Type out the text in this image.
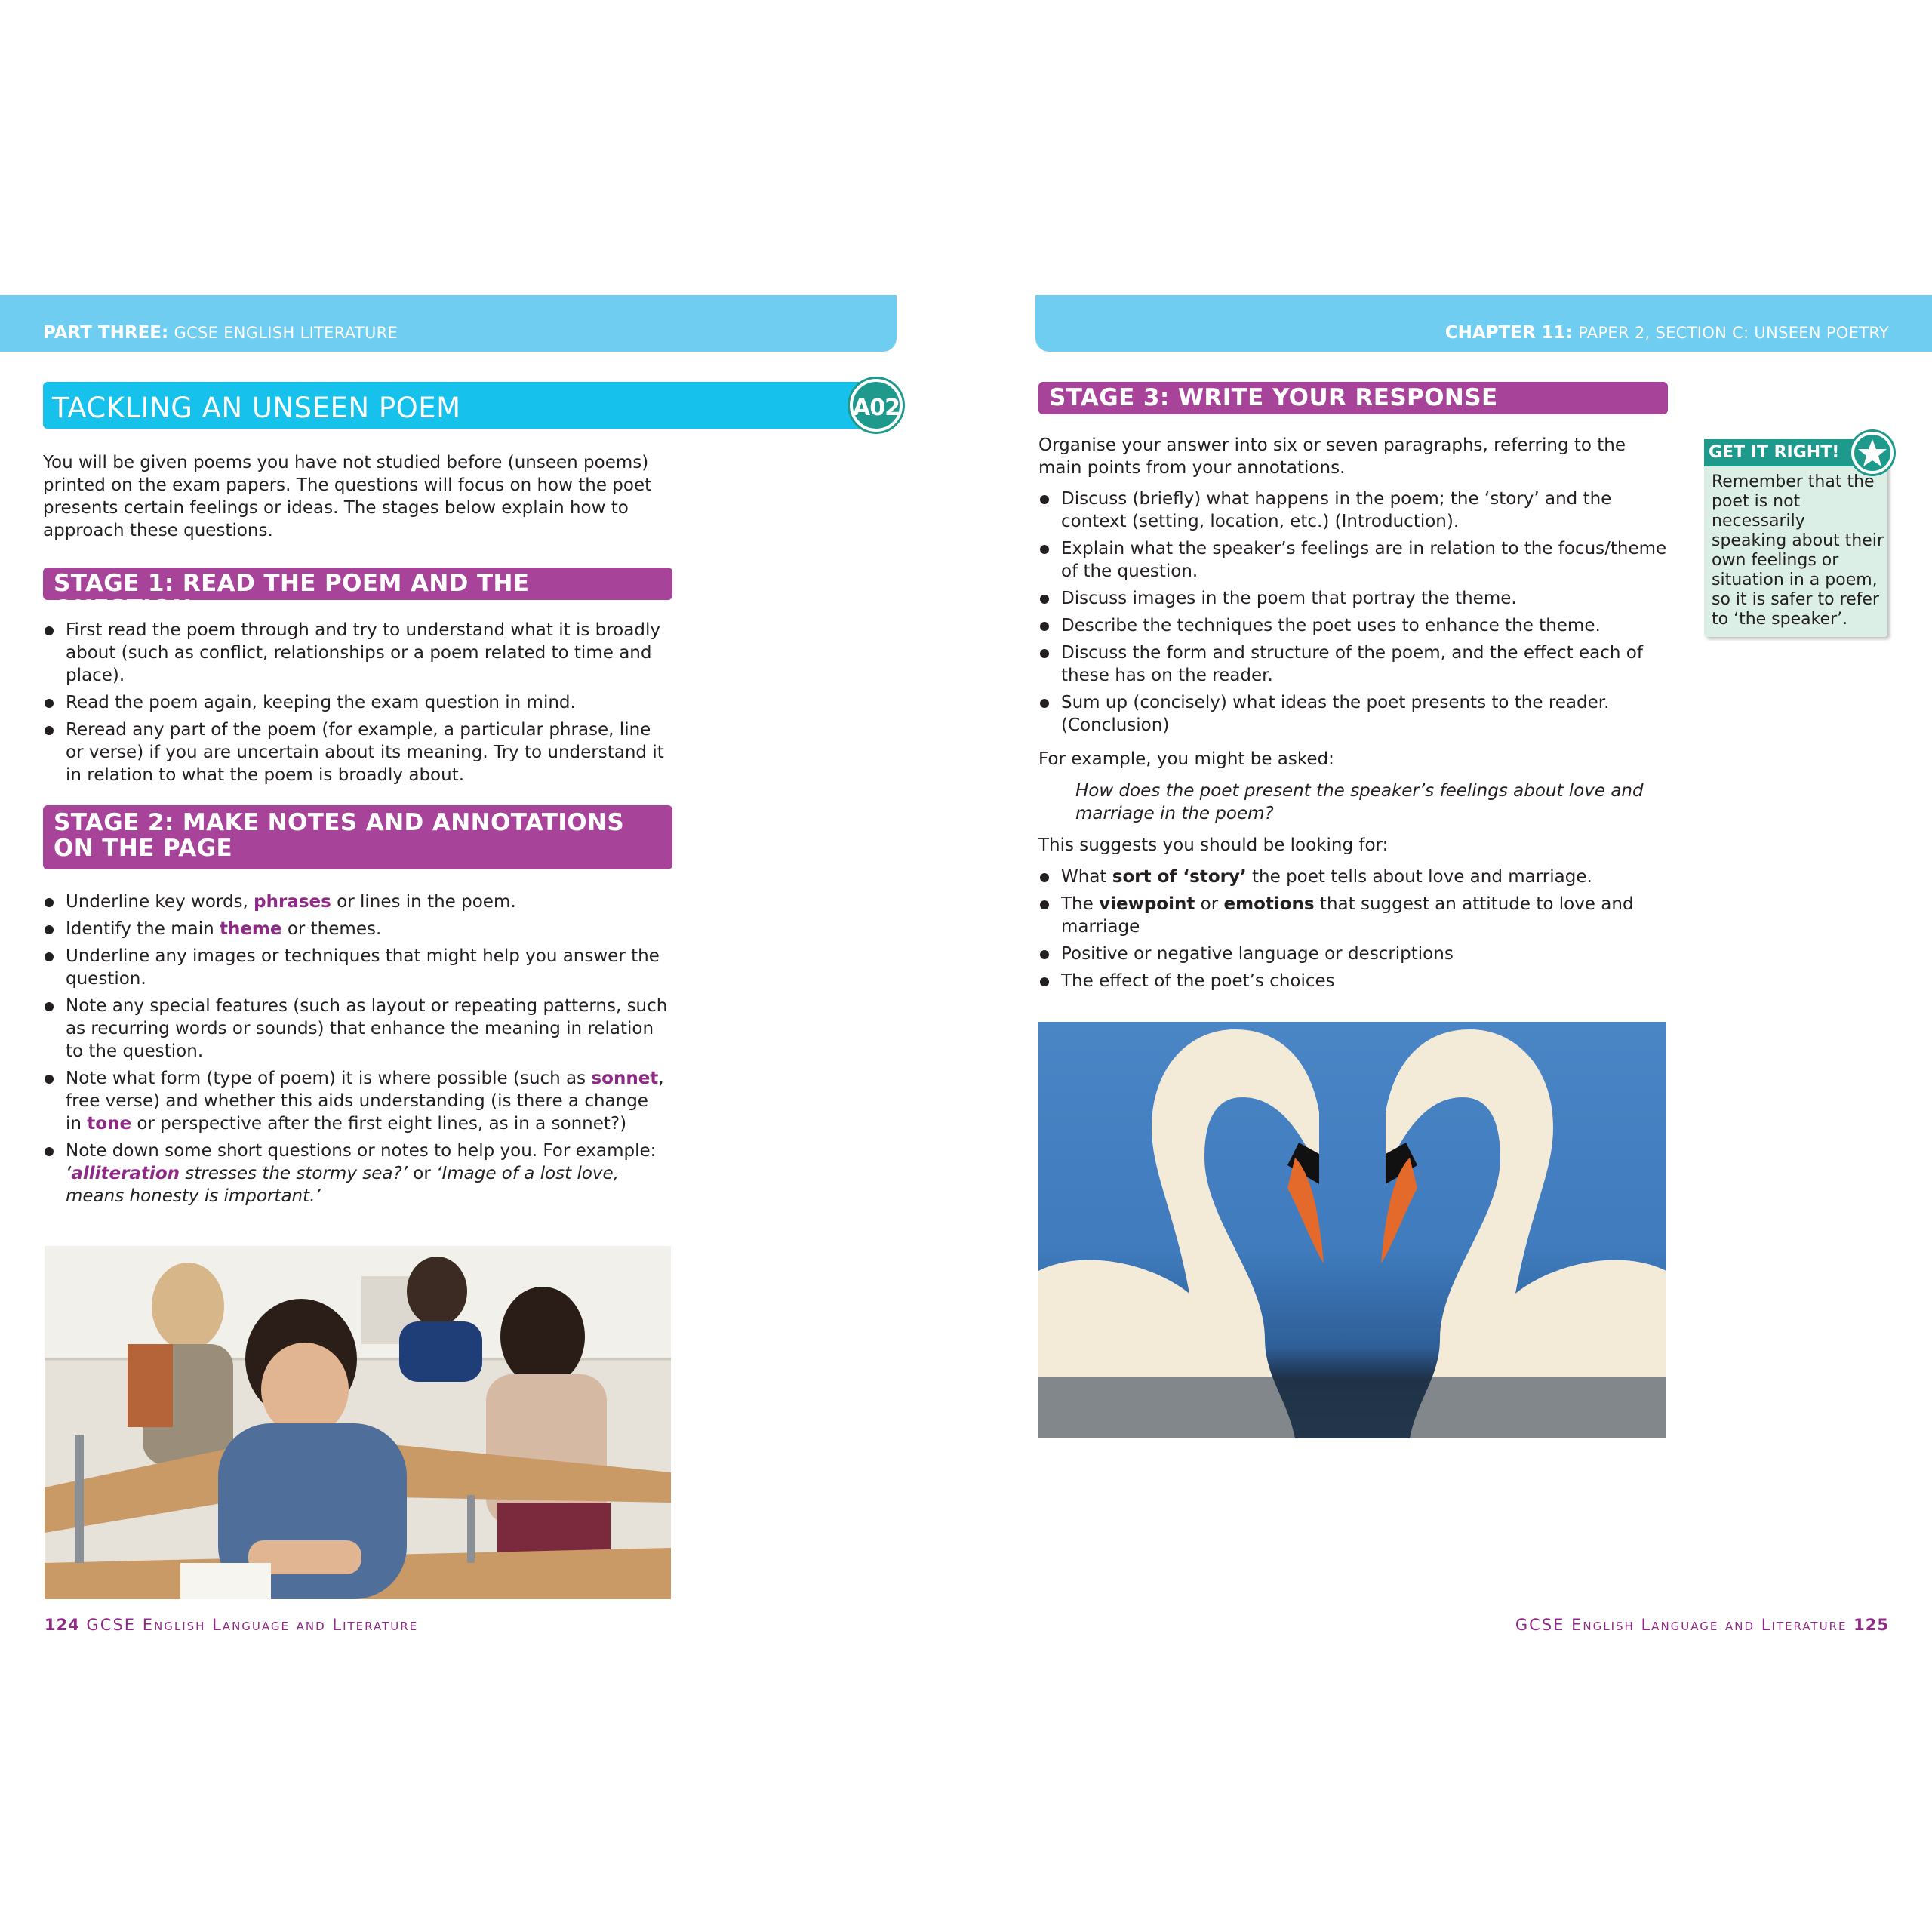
PART THREE: GCSE ENGLISH LITERATURE
TACKLING AN UNSEEN POEM	A02
You will be given poems you have not studied before (unseen poems) printed on the exam papers. The questions will focus on how the poet presents certain feelings or ideas. The stages below explain how to approach these questions.
STAGE 1: READ THE POEM AND THE QUESTION
First read the poem through and try to understand what it is broadly about (such as conflict, relationships or a poem related to time and place).
Read the poem again, keeping the exam question in mind.
Reread any part of the poem (for example, a particular phrase, line or verse) if you are uncertain about its meaning. Try to understand it in relation to what the poem is broadly about.
STAGE 2: MAKE NOTES AND ANNOTATIONS ON THE PAGE
Underline key words, phrases or lines in the poem.
Identify the main theme or themes.
Underline any images or techniques that might help you answer the question.
Note any special features (such as layout or repeating patterns, such as recurring words or sounds) that enhance the meaning in relation to the question.
Note what form (type of poem) it is where possible (such as sonnet, free verse) and whether this aids understanding (is there a change in tone or perspective after the first eight lines, as in a sonnet?)
Note down some short questions or notes to help you. For example: ‘alliteration stresses the stormy sea?’ or ‘Image of a lost love, means honesty is important.’
124 GCSE English Language and Literature
CHAPTER 11: PAPER 2, SECTION C: UNSEEN POETRY
STAGE 3: WRITE YOUR RESPONSE
Organise your answer into six or seven paragraphs, referring to the main points from your annotations.
Discuss (briefly) what happens in the poem; the ‘story’ and the context (setting, location, etc.) (Introduction).
Explain what the speaker’s feelings are in relation to the focus/theme of the question.
Discuss images in the poem that portray the theme.
Describe the techniques the poet uses to enhance the theme.
Discuss the form and structure of the poem, and the effect each of these has on the reader.
Sum up (concisely) what ideas the poet presents to the reader. (Conclusion)
For example, you might be asked:
How does the poet present the speaker’s feelings about love and marriage in the poem?
This suggests you should be looking for:
What sort of ‘story’ the poet tells about love and marriage.
The viewpoint or emotions that suggest an attitude to love and marriage
Positive or negative language or descriptions
The effect of the poet’s choices
GET IT RIGHT!
Remember that the poet is not necessarily speaking about their own feelings or situation in a poem, so it is safer to refer to ‘the speaker’.
GCSE English Language and Literature 125
